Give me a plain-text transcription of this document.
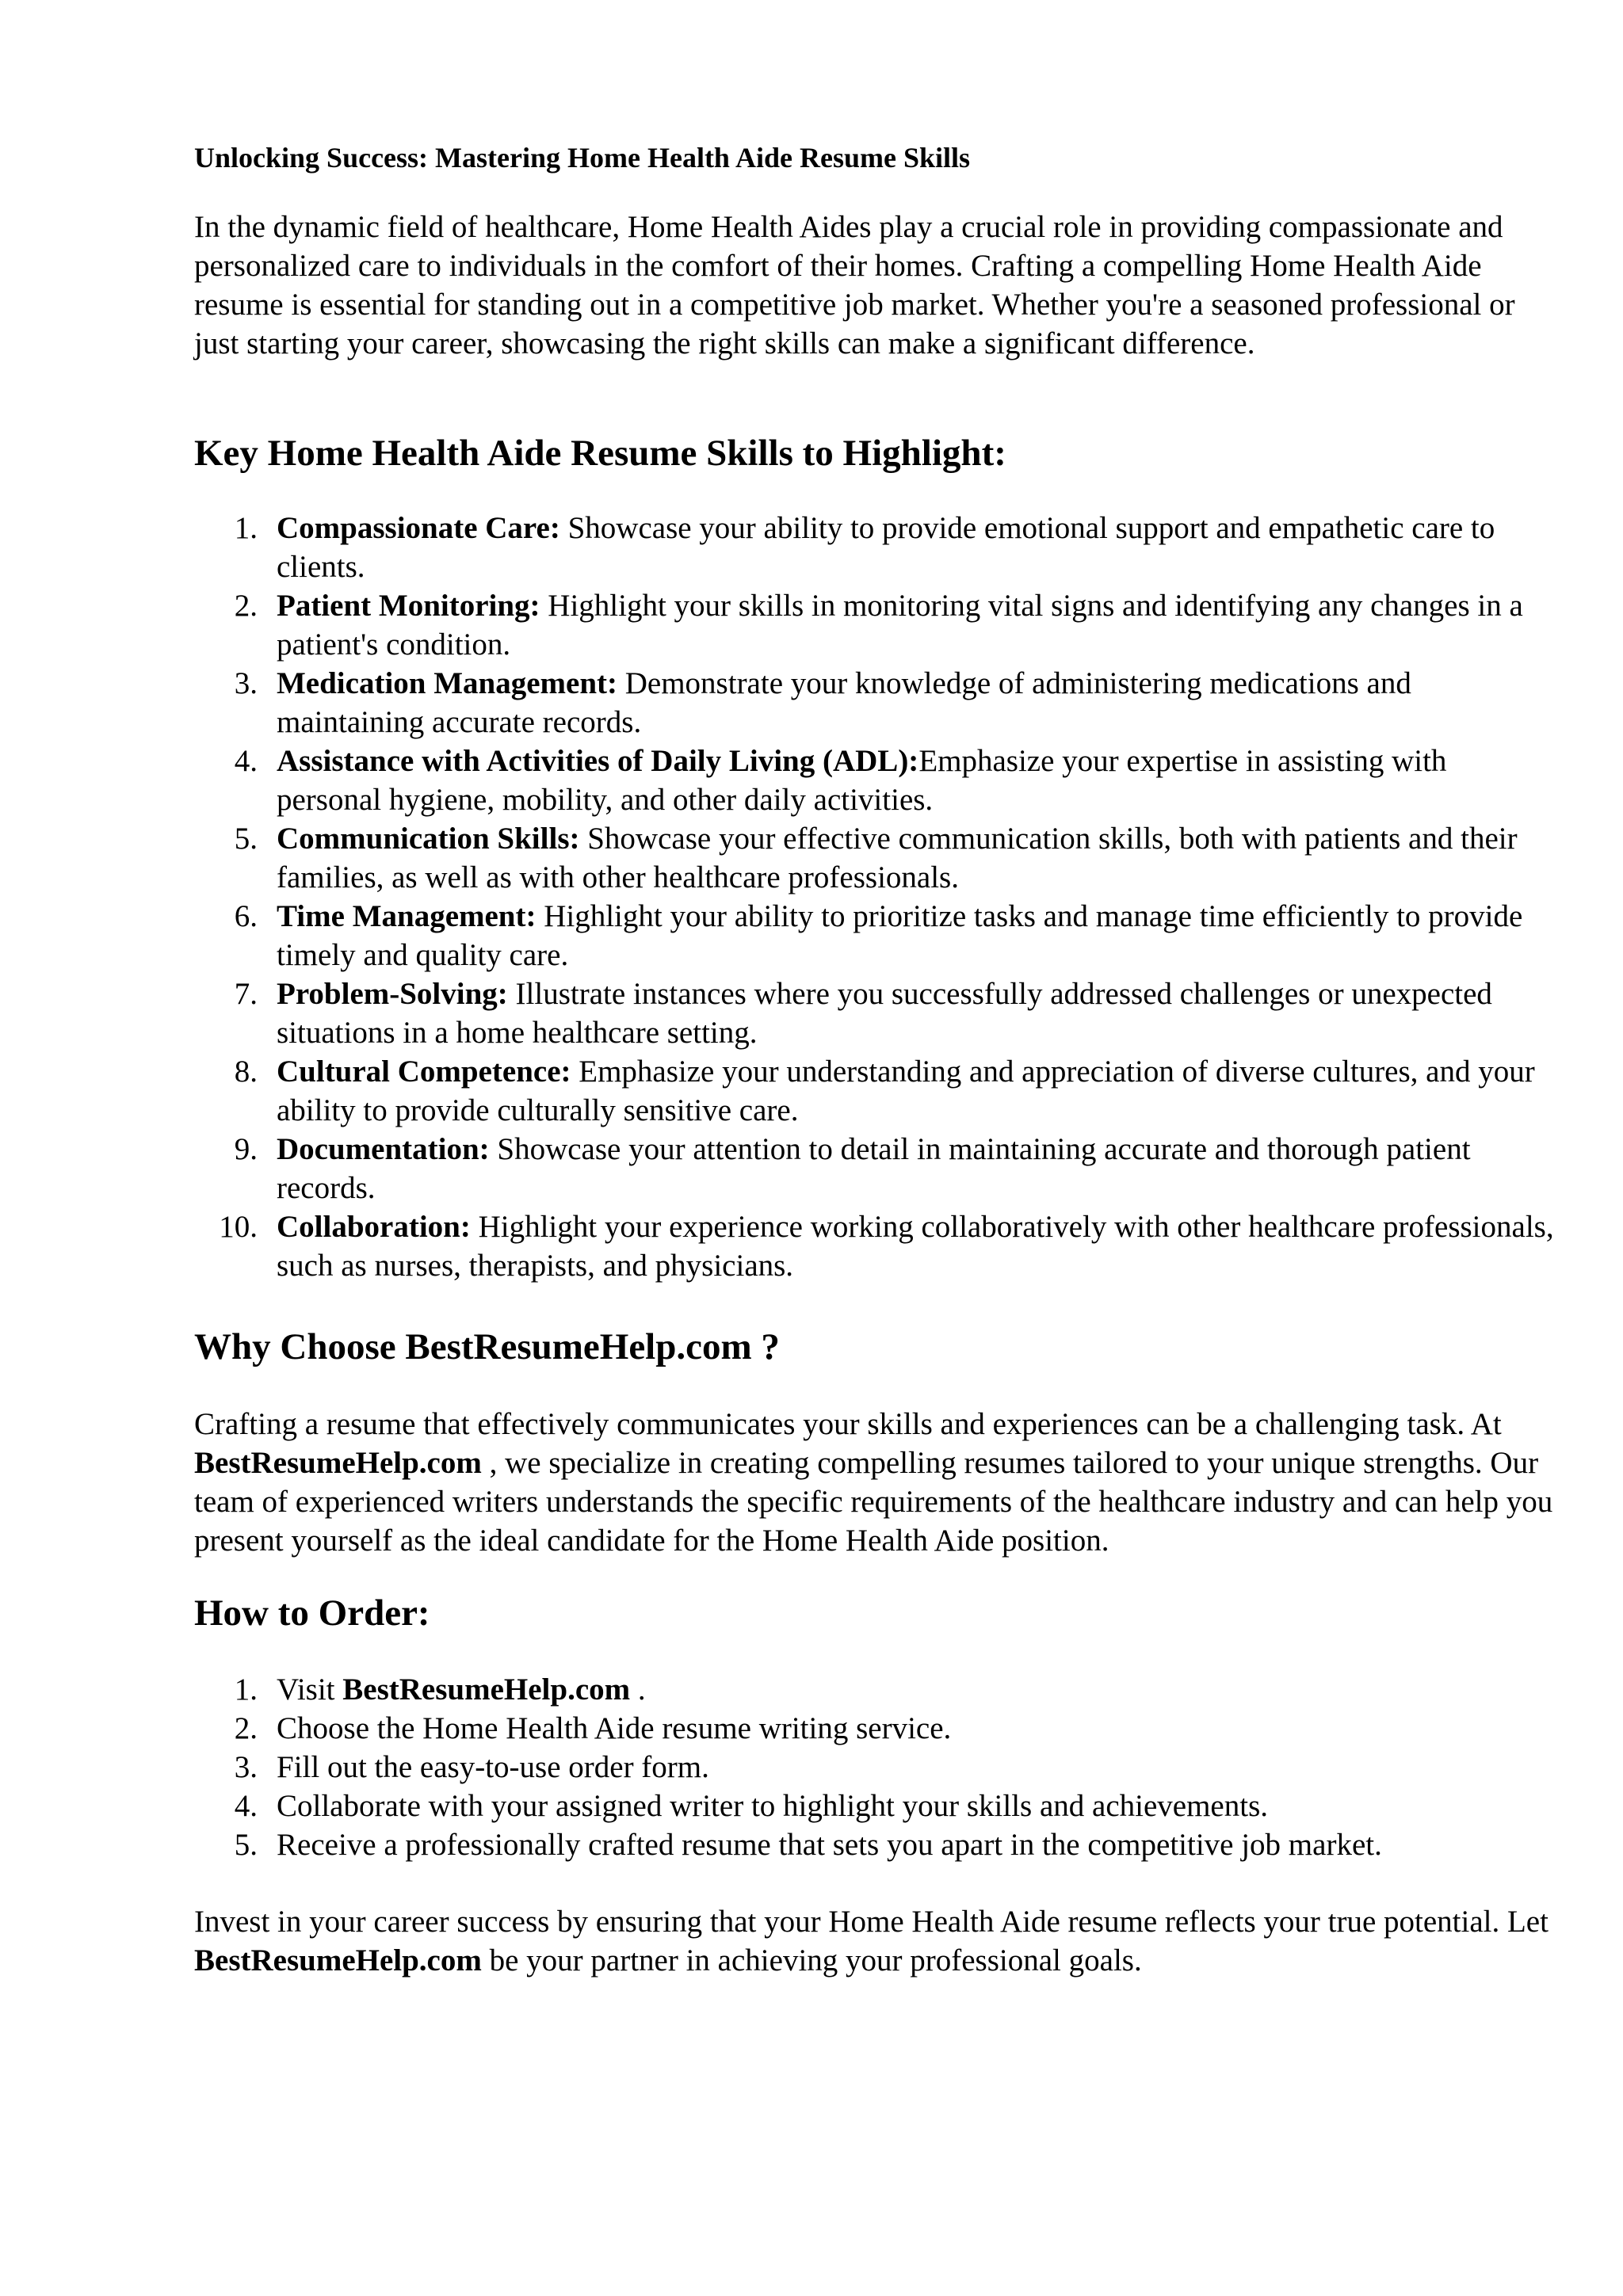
Unlocking Success: Mastering Home Health Aide Resume Skills

In the dynamic field of healthcare, Home Health Aides play a crucial role in providing compassionate and personalized care to individuals in the comfort of their homes. Crafting a compelling Home Health Aide resume is essential for standing out in a competitive job market. Whether you're a seasoned professional or just starting your career, showcasing the right skills can make a significant difference.

Key Home Health Aide Resume Skills to Highlight:
1. Compassionate Care: Showcase your ability to provide emotional support and empathetic care to clients.
2. Patient Monitoring: Highlight your skills in monitoring vital signs and identifying any changes in a patient's condition.
3. Medication Management: Demonstrate your knowledge of administering medications and maintaining accurate records.
4. Assistance with Activities of Daily Living (ADL):Emphasize your expertise in assisting with personal hygiene, mobility, and other daily activities.
5. Communication Skills: Showcase your effective communication skills, both with patients and their families, as well as with other healthcare professionals.
6. Time Management: Highlight your ability to prioritize tasks and manage time efficiently to provide timely and quality care.
7. Problem-Solving: Illustrate instances where you successfully addressed challenges or unexpected situations in a home healthcare setting.
8. Cultural Competence: Emphasize your understanding and appreciation of diverse cultures, and your ability to provide culturally sensitive care.
9. Documentation: Showcase your attention to detail in maintaining accurate and thorough patient records.
10. Collaboration: Highlight your experience working collaboratively with other healthcare professionals, such as nurses, therapists, and physicians.
Why Choose BestResumeHelp.com ?

Crafting a resume that effectively communicates your skills and experiences can be a challenging task. At BestResumeHelp.com , we specialize in creating compelling resumes tailored to your unique strengths. Our team of experienced writers understands the specific requirements of the healthcare industry and can help you present yourself as the ideal candidate for the Home Health Aide position.

How to Order:
1. Visit BestResumeHelp.com .
2. Choose the Home Health Aide resume writing service.
3. Fill out the easy-to-use order form.
4. Collaborate with your assigned writer to highlight your skills and achievements.
5. Receive a professionally crafted resume that sets you apart in the competitive job market.

Invest in your career success by ensuring that your Home Health Aide resume reflects your true potential. Let BestResumeHelp.com be your partner in achieving your professional goals.
